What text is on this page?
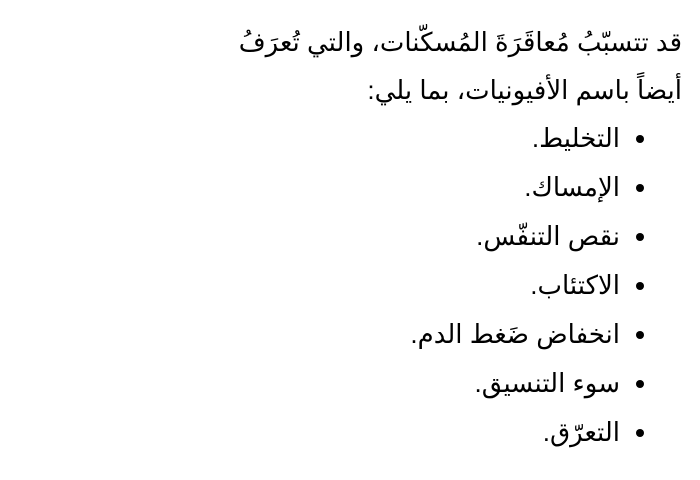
قد تتسبّبُ مُعاقَرَةَ المُسكّنات، والتي تُعرَفُ
أيضاً باسم الأفيونيات، بما يلي:

التخليط.
الإمساك.
نقص التنفّس.
الاكتئاب.
انخفاض ضَغط الدم.
سوء التنسيق.
التعرّق.
